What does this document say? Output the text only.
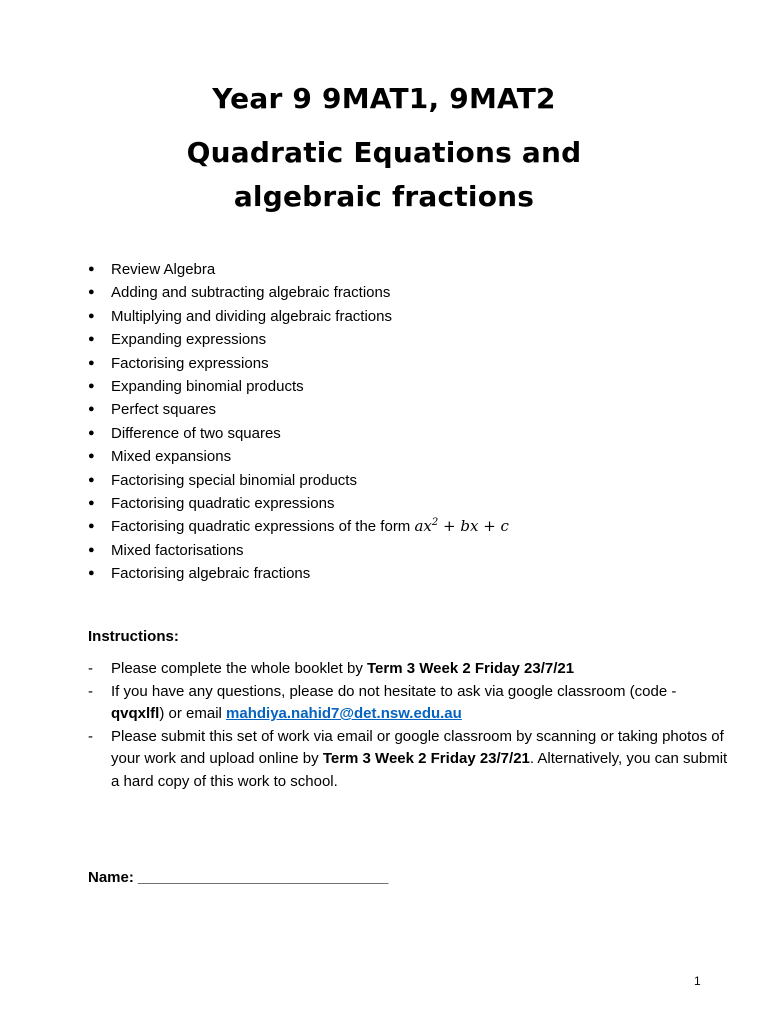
Year 9 9MAT1, 9MAT2
Quadratic Equations and algebraic fractions
● Review Algebra
● Adding and subtracting algebraic fractions
● Multiplying and dividing algebraic fractions
● Expanding expressions
● Factorising expressions
● Expanding binomial products
● Perfect squares
● Difference of two squares
● Mixed expansions
● Factorising special binomial products
● Factorising quadratic expressions
● Factorising quadratic expressions of the form $ax^2$ + bx + c
● Mixed factorisations
● Factorising algebraic fractions
Instructions:
- Please complete the whole booklet by Term 3 Week 2 Friday 23/7/21
- If you have any questions, please do not hesitate to ask via google classroom (code -qvqxlfl) or email mahdiya.nahid7@det.nsw.edu.au
- Please submit this set of work via email or google classroom by scanning or taking photos of your work and upload online by Term 3 Week 2 Friday 23/7/21. Alternatively, you can submit a hard copy of this work to school.
Name: ______________________________
1
